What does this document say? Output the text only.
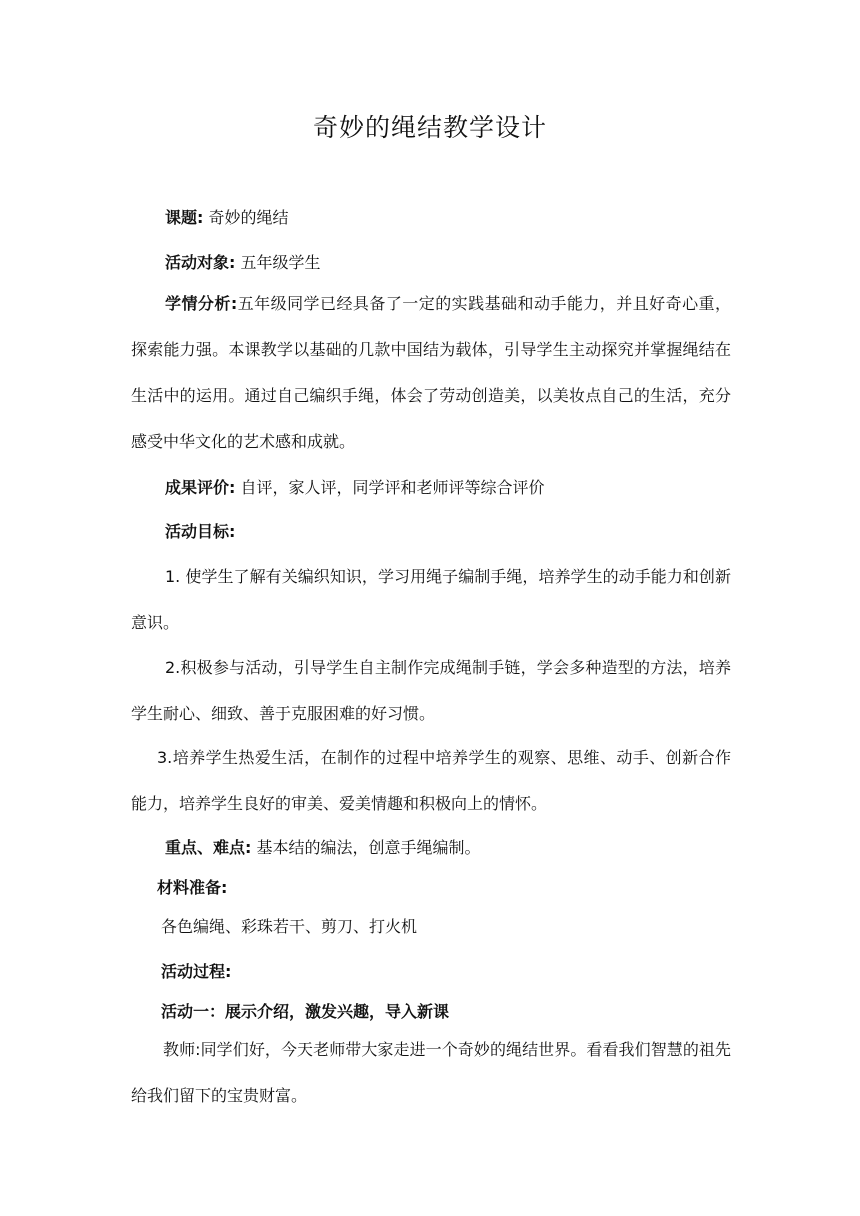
奇妙的绳结教学设计
课题: 奇妙的绳结
活动对象: 五年级学生
学情分析:五年级同学已经具备了一定的实践基础和动手能力，并且好奇心重，探索能力强。本课教学以基础的几款中国结为载体，引导学生主动探究并掌握绳结在生活中的运用。通过自己编织手绳，体会了劳动创造美，以美妆点自己的生活，充分感受中华文化的艺术感和成就。
成果评价: 自评，家人评，同学评和老师评等综合评价
活动目标:
1. 使学生了解有关编织知识，学习用绳子编制手绳，培养学生的动手能力和创新意识。
2.积极参与活动，引导学生自主制作完成绳制手链，学会多种造型的方法，培养学生耐心、细致、善于克服困难的好习惯。
3.培养学生热爱生活，在制作的过程中培养学生的观察、思维、动手、创新合作能力，培养学生良好的审美、爱美情趣和积极向上的情怀。
重点、难点: 基本结的编法，创意手绳编制。
材料准备:
各色编绳、彩珠若干、剪刀、打火机
活动过程:
活动一：展示介绍，激发兴趣，导入新课
教师:同学们好，今天老师带大家走进一个奇妙的绳结世界。看看我们智慧的祖先给我们留下的宝贵财富。
